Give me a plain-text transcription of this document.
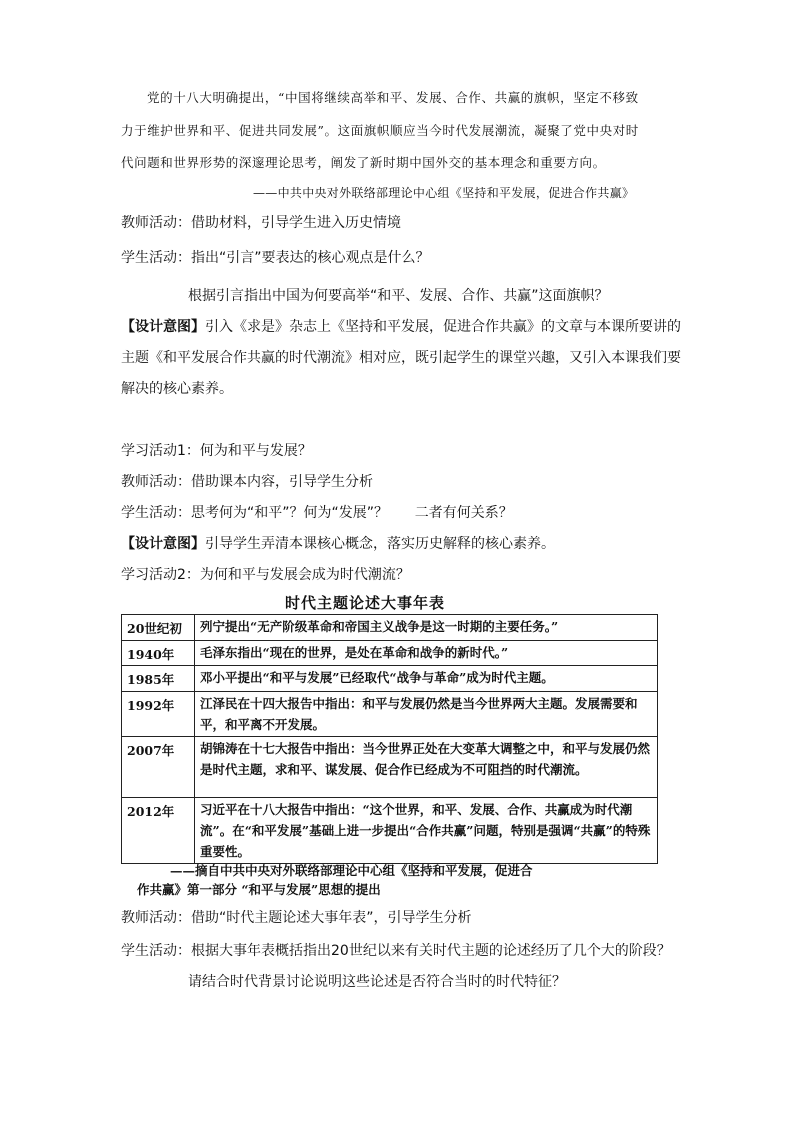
党的十八大明确提出，“中国将继续高举和平、发展、合作、共赢的旗帜，坚定不移致
力于维护世界和平、促进共同发展”。这面旗帜顺应当今时代发展潮流，凝聚了党中央对时
代问题和世界形势的深邃理论思考，阐发了新时期中国外交的基本理念和重要方向。
——中共中央对外联络部理论中心组《坚持和平发展，促进合作共赢》
教师活动：借助材料，引导学生进入历史情境
学生活动：指出“引言”要表达的核心观点是什么？
根据引言指出中国为何要高举“和平、发展、合作、共赢”这面旗帜？
【设计意图】引入《求是》杂志上《坚持和平发展，促进合作共赢》的文章与本课所要讲的
主题《和平发展合作共赢的时代潮流》相对应，既引起学生的课堂兴趣，又引入本课我们要
解决的核心素养。
学习活动1：何为和平与发展？
教师活动：借助课本内容，引导学生分析
学生活动：思考何为“和平”？何为“发展”？      二者有何关系？
【设计意图】引导学生弄清本课核心概念，落实历史解释的核心素养。
学习活动2：为何和平与发展会成为时代潮流？
时代主题论述大事年表
20世纪初	列宁提出“无产阶级革命和帝国主义战争是这一时期的主要任务。”
1940年	毛泽东指出“现在的世界，是处在革命和战争的新时代。”
1985年	邓小平提出“和平与发展”已经取代“战争与革命”成为时代主题。
1992年	江泽民在十四大报告中指出：和平与发展仍然是当今世界两大主题。发展需要和平，和平离不开发展。
2007年	胡锦涛在十七大报告中指出：当今世界正处在大变革大调整之中，和平与发展仍然是时代主题，求和平、谋发展、促合作已经成为不可阻挡的时代潮流。
2012年	习近平在十八大报告中指出：“这个世界，和平、发展、合作、共赢成为时代潮流”。在“和平发展”基础上进一步提出“合作共赢”问题，特别是强调“共赢”的特殊重要性。
——摘自中共中央对外联络部理论中心组《坚持和平发展，促进合
作共赢》第一部分 “和平与发展”思想的提出
教师活动：借助“时代主题论述大事年表”，引导学生分析
学生活动：根据大事年表概括指出20世纪以来有关时代主题的论述经历了几个大的阶段？
请结合时代背景讨论说明这些论述是否符合当时的时代特征？
